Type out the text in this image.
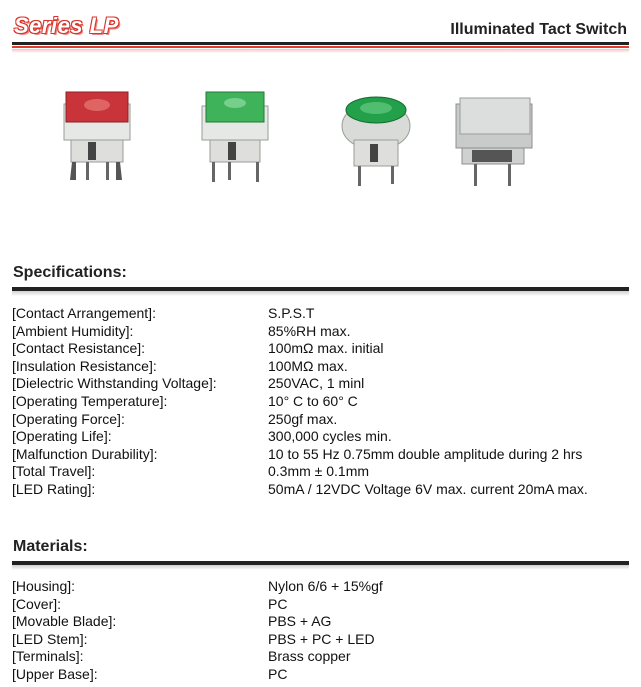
Series LP	Illuminated Tact Switch
Specifications:
[Contact Arrangement]:	S.P.S.T
[Ambient Humidity]:	85%RH max.
[Contact Resistance]:	100mΩ max. initial
[Insulation Resistance]:	100MΩ max.
[Dielectric Withstanding Voltage]:	250VAC, 1 minl
[Operating Temperature]:	10° C to 60° C
[Operating Force]:	250gf max.
[Operating Life]:	300,000 cycles min.
[Malfunction Durability]:	10 to 55 Hz 0.75mm double amplitude during 2 hrs
[Total Travel]:	0.3mm ± 0.1mm
[LED Rating]:	50mA / 12VDC Voltage 6V max. current 20mA max.
Materials:
[Housing]:	Nylon 6/6 + 15%gf
[Cover]:	PC
[Movable Blade]:	PBS + AG
[LED Stem]:	PBS + PC + LED
[Terminals]:	Brass copper
[Upper Base]:	PC
